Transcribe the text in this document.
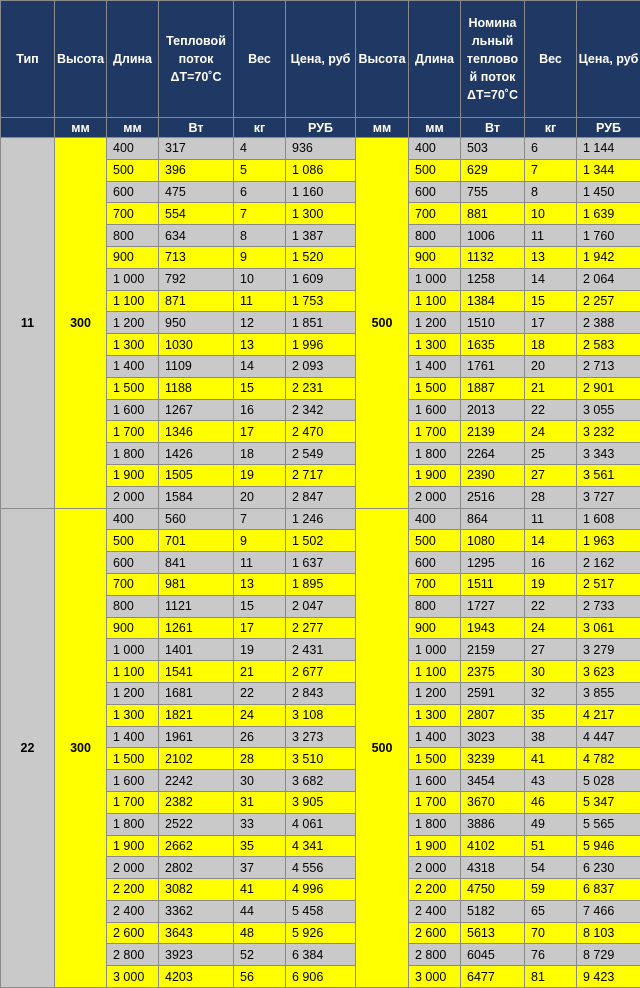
Тип	Высота	Длина	Тепловой поток ΔT=70˚С	Вес	Цена, руб	Высота	Длина	Номина льный теплово й поток ΔT=70˚С	Вес	Цена, руб
	мм	мм	Вт	кг	РУБ	мм	мм	Вт	кг	РУБ
11	300	400	317	4	936	500	400	503	6	1 144
		500	396	5	1 086		500	629	7	1 344
		600	475	6	1 160		600	755	8	1 450
		700	554	7	1 300		700	881	10	1 639
		800	634	8	1 387		800	1006	11	1 760
		900	713	9	1 520		900	1132	13	1 942
		1 000	792	10	1 609		1 000	1258	14	2 064
		1 100	871	11	1 753		1 100	1384	15	2 257
		1 200	950	12	1 851		1 200	1510	17	2 388
		1 300	1030	13	1 996		1 300	1635	18	2 583
		1 400	1109	14	2 093		1 400	1761	20	2 713
		1 500	1188	15	2 231		1 500	1887	21	2 901
		1 600	1267	16	2 342		1 600	2013	22	3 055
		1 700	1346	17	2 470		1 700	2139	24	3 232
		1 800	1426	18	2 549		1 800	2264	25	3 343
		1 900	1505	19	2 717		1 900	2390	27	3 561
		2 000	1584	20	2 847		2 000	2516	28	3 727
22	300	400	560	7	1 246	500	400	864	11	1 608
		500	701	9	1 502		500	1080	14	1 963
		600	841	11	1 637		600	1295	16	2 162
		700	981	13	1 895		700	1511	19	2 517
		800	1121	15	2 047		800	1727	22	2 733
		900	1261	17	2 277		900	1943	24	3 061
		1 000	1401	19	2 431		1 000	2159	27	3 279
		1 100	1541	21	2 677		1 100	2375	30	3 623
		1 200	1681	22	2 843		1 200	2591	32	3 855
		1 300	1821	24	3 108		1 300	2807	35	4 217
		1 400	1961	26	3 273		1 400	3023	38	4 447
		1 500	2102	28	3 510		1 500	3239	41	4 782
		1 600	2242	30	3 682		1 600	3454	43	5 028
		1 700	2382	31	3 905		1 700	3670	46	5 347
		1 800	2522	33	4 061		1 800	3886	49	5 565
		1 900	2662	35	4 341		1 900	4102	51	5 946
		2 000	2802	37	4 556		2 000	4318	54	6 230
		2 200	3082	41	4 996		2 200	4750	59	6 837
		2 400	3362	44	5 458		2 400	5182	65	7 466
		2 600	3643	48	5 926		2 600	5613	70	8 103
		2 800	3923	52	6 384		2 800	6045	76	8 729
		3 000	4203	56	6 906		3 000	6477	81	9 423
